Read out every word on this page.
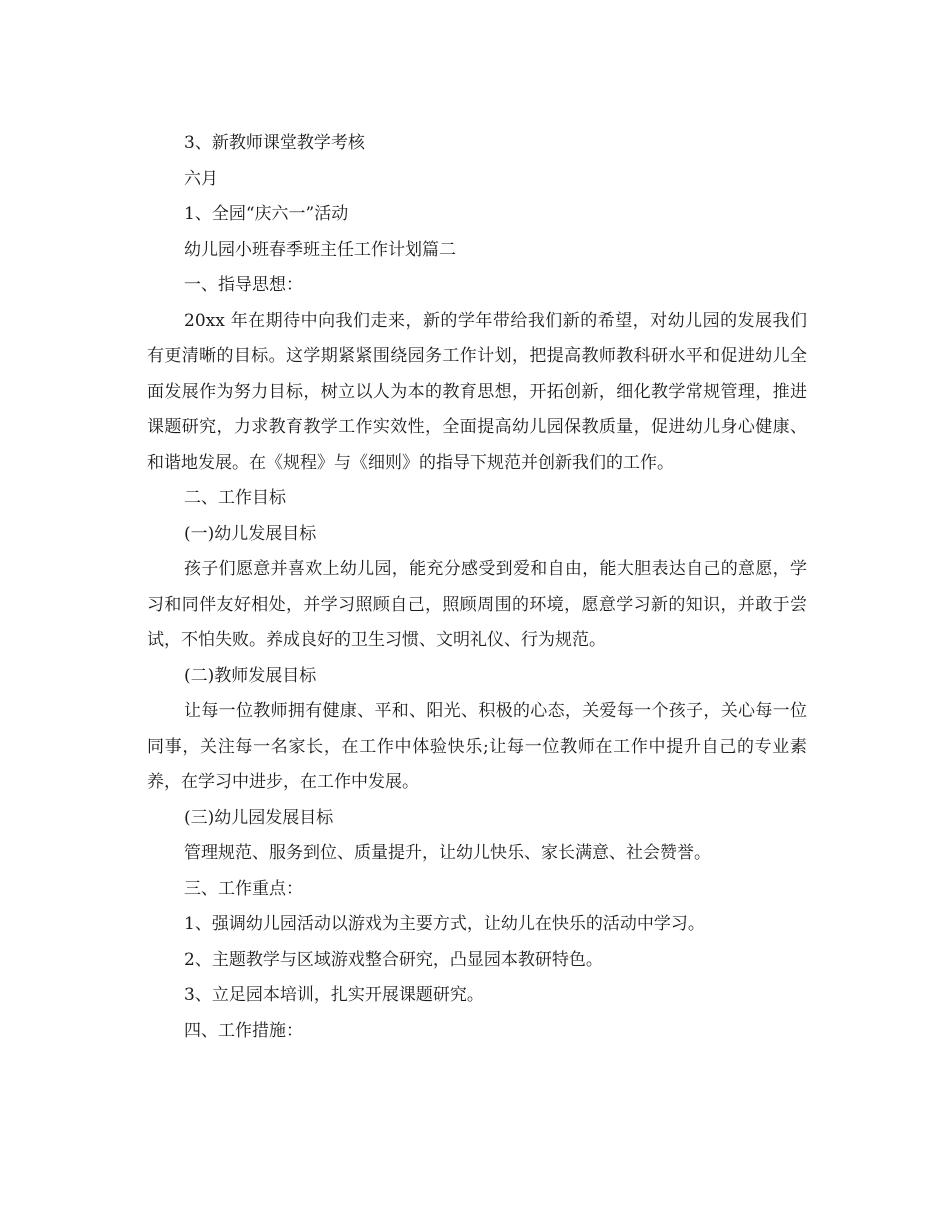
3、新教师课堂教学考核

六月

1、全园“庆六一”活动

幼儿园小班春季班主任工作计划篇二

一、指导思想：

20xx 年在期待中向我们走来，新的学年带给我们新的希望，对幼儿园的发展我们有更清晰的目标。这学期紧紧围绕园务工作计划，把提高教师教科研水平和促进幼儿全面发展作为努力目标，树立以人为本的教育思想，开拓创新，细化教学常规管理，推进课题研究，力求教育教学工作实效性，全面提高幼儿园保教质量，促进幼儿身心健康、和谐地发展。在《规程》与《细则》的指导下规范并创新我们的工作。

二、工作目标

(一)幼儿发展目标

孩子们愿意并喜欢上幼儿园，能充分感受到爱和自由，能大胆表达自己的意愿，学习和同伴友好相处，并学习照顾自己，照顾周围的环境，愿意学习新的知识，并敢于尝试，不怕失败。养成良好的卫生习惯、文明礼仪、行为规范。

(二)教师发展目标

让每一位教师拥有健康、平和、阳光、积极的心态，关爱每一个孩子，关心每一位同事，关注每一名家长，在工作中体验快乐;让每一位教师在工作中提升自己的专业素养，在学习中进步，在工作中发展。

(三)幼儿园发展目标

管理规范、服务到位、质量提升，让幼儿快乐、家长满意、社会赞誉。

三、工作重点：

1、强调幼儿园活动以游戏为主要方式，让幼儿在快乐的活动中学习。

2、主题教学与区域游戏整合研究，凸显园本教研特色。

3、立足园本培训，扎实开展课题研究。

四、工作措施：
